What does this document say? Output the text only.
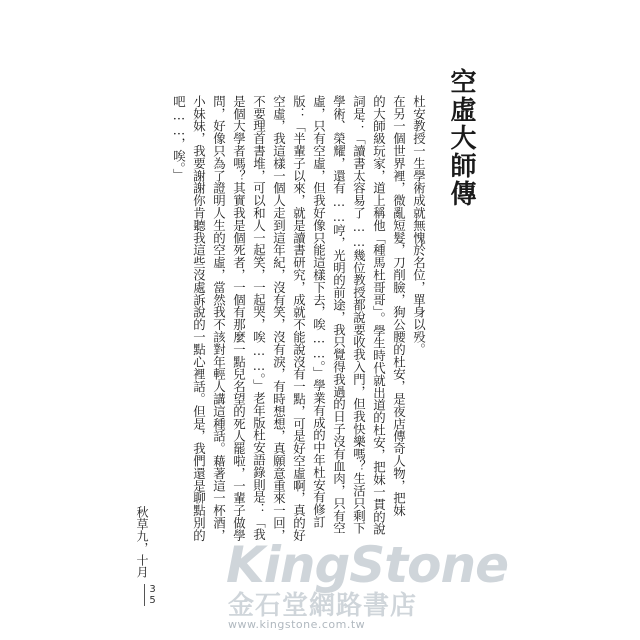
空虛大師傳
杜安教授一生學術成就無愧於名位，單身以殁。
在另一個世界裡，微亂短髮，刀削臉，狗公腰的杜安，是夜店傳奇人物，把妹
的大師級玩家，道上稱他「種馬杜哥哥」。學生時代就出道的杜安，把妹一貫的說
詞是：「讀書太容易了……幾位教授都說要收我入門，但我快樂嗎？生活只剩下
學術、榮耀，還有……哼，光明的前途，我只覺得我過的日子沒有血肉，只有空
虛，只有空虛，但我好像只能這樣下去，唉……。」學業有成的中年杜安有修訂
版：「半輩子以來，就是讀書研究，成就不能說沒有一點，可是好空虛啊，真的好
空虛，我這樣一個人走到這年紀，沒有笑，沒有淚，有時想想，真願意重來一回，
不要理首書堆，可以和人一起笑，一起哭，唉……。」老年版杜安語錄則是：「我
是個大學者嗎？其實我是個死者，一個有那麼一點兒名望的死人罷啦，一輩子做學
問，好像只為了證明人生的空虛，當然我不該對年輕人講這種話。藉著這一杯酒，
小妹妹，我要謝謝你肯聽我這些沒處訴說的一點心裡話。但是，我們還是聊點別的
吧……，唉。」
秋草九，十月
35
KingStone
金石堂網路書店
www.kingstone.com.tw
